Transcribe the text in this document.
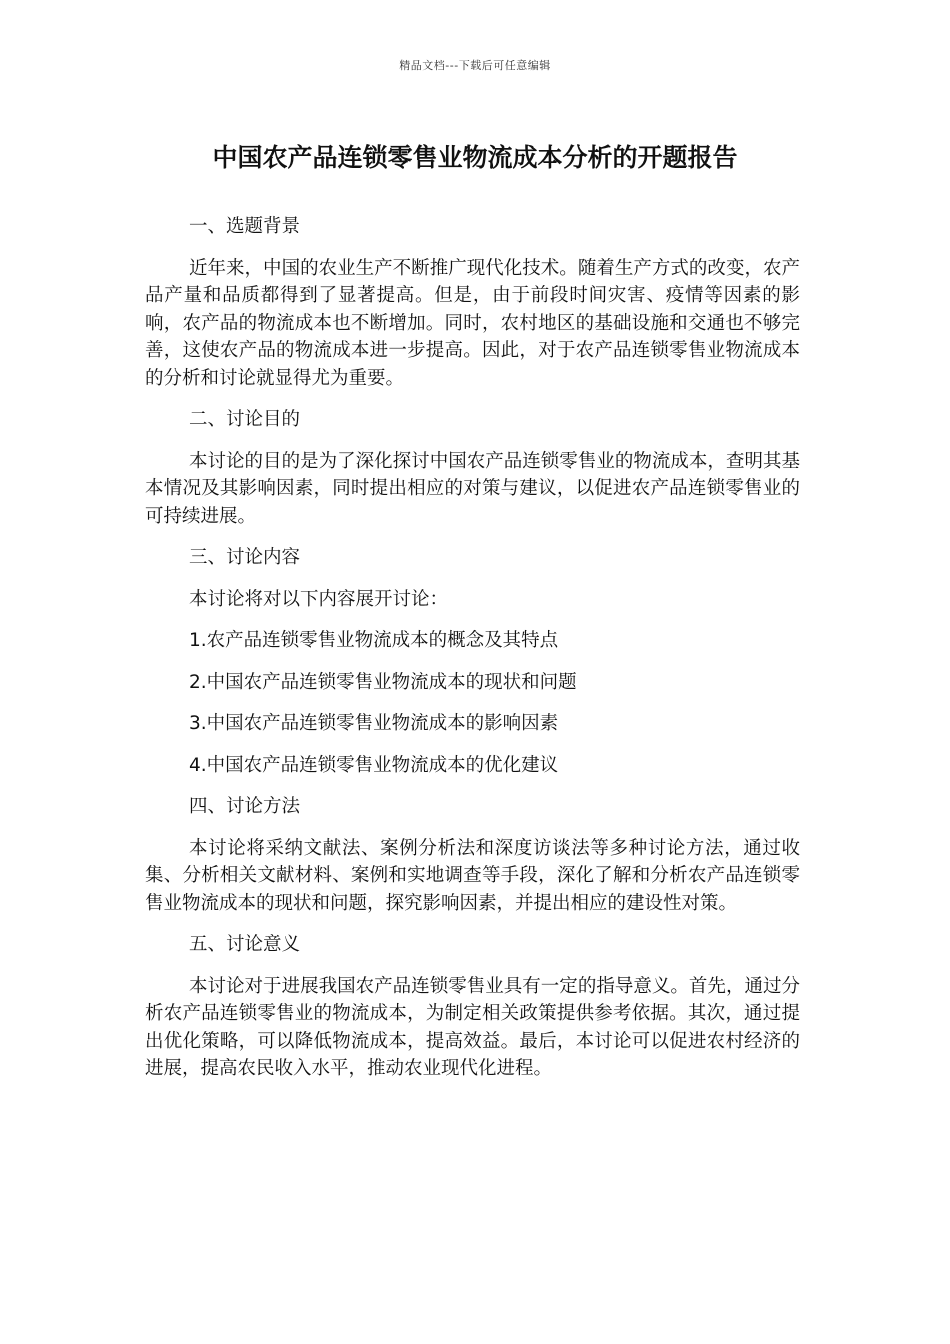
精品文档---下载后可任意编辑
中国农产品连锁零售业物流成本分析的开题报告

一、选题背景

近年来，中国的农业生产不断推广现代化技术。随着生产方式的改变，农产品产量和品质都得到了显著提高。但是，由于前段时间灾害、疫情等因素的影响，农产品的物流成本也不断增加。同时，农村地区的基础设施和交通也不够完善，这使农产品的物流成本进一步提高。因此，对于农产品连锁零售业物流成本的分析和讨论就显得尤为重要。

二、讨论目的

本讨论的目的是为了深化探讨中国农产品连锁零售业的物流成本，查明其基本情况及其影响因素，同时提出相应的对策与建议，以促进农产品连锁零售业的可持续进展。

三、讨论内容

本讨论将对以下内容展开讨论：

1.农产品连锁零售业物流成本的概念及其特点

2.中国农产品连锁零售业物流成本的现状和问题

3.中国农产品连锁零售业物流成本的影响因素

4.中国农产品连锁零售业物流成本的优化建议

四、讨论方法

本讨论将采纳文献法、案例分析法和深度访谈法等多种讨论方法，通过收集、分析相关文献材料、案例和实地调查等手段，深化了解和分析农产品连锁零售业物流成本的现状和问题，探究影响因素，并提出相应的建设性对策。

五、讨论意义

本讨论对于进展我国农产品连锁零售业具有一定的指导意义。首先，通过分析农产品连锁零售业的物流成本，为制定相关政策提供参考依据。其次，通过提出优化策略，可以降低物流成本，提高效益。最后，本讨论可以促进农村经济的进展，提高农民收入水平，推动农业现代化进程。
